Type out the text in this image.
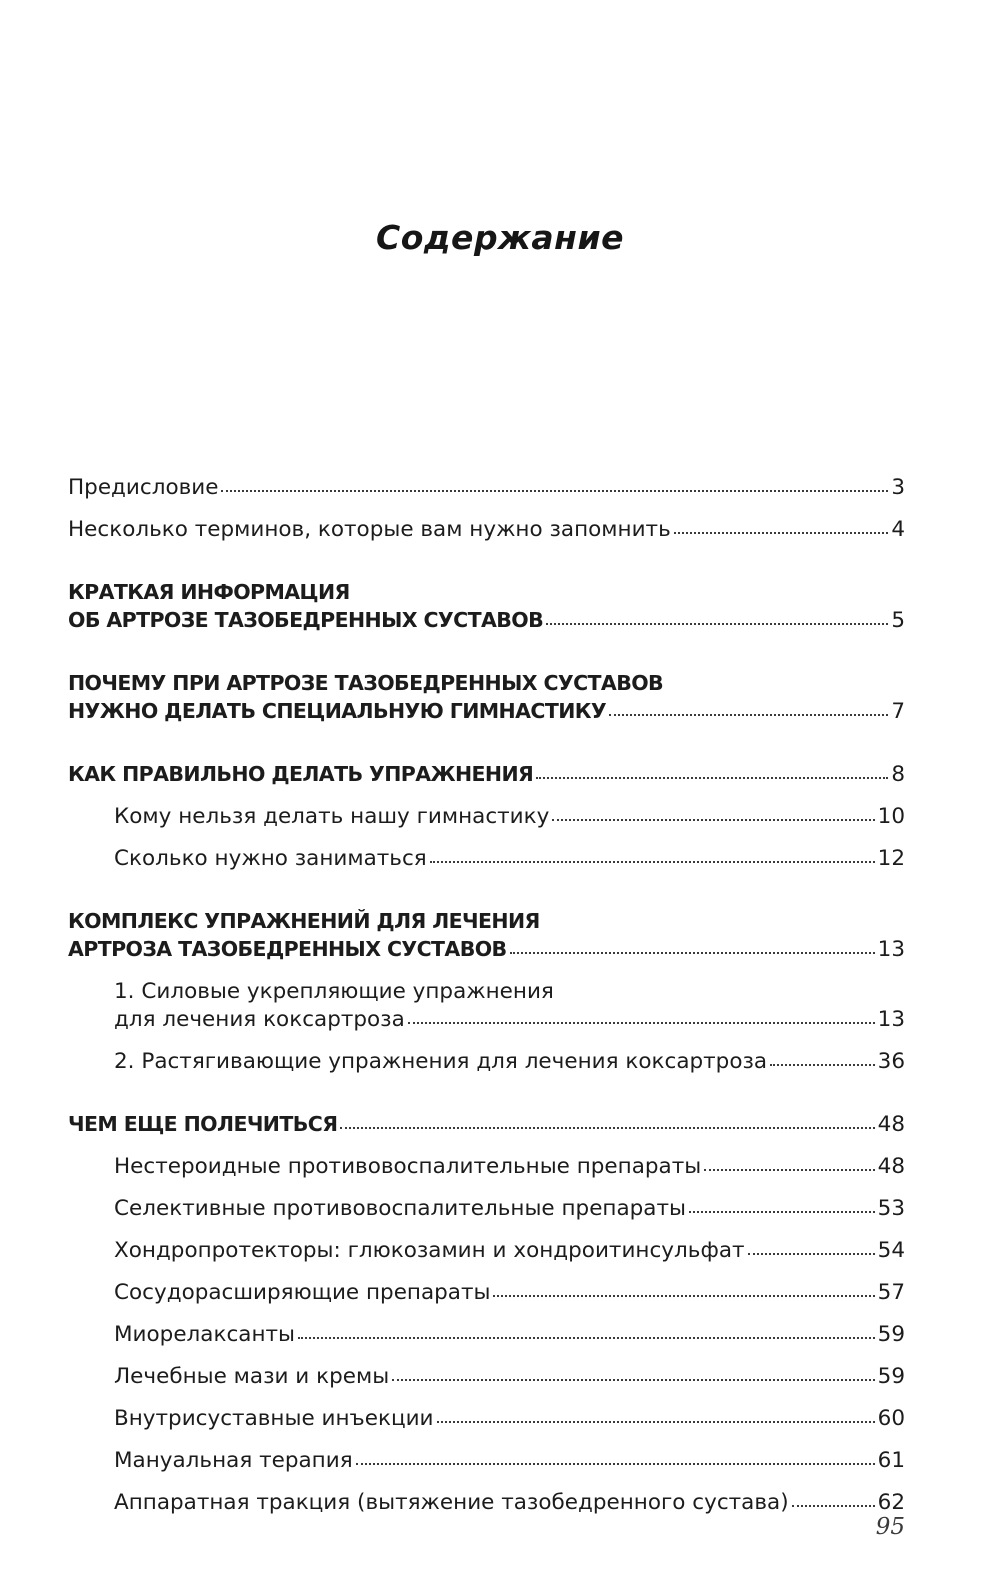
Содержание
Предисловие	3
Несколько терминов, которые вам нужно запомнить	4
КРАТКАЯ ИНФОРМАЦИЯ
ОБ АРТРОЗЕ ТАЗОБЕДРЕННЫХ СУСТАВОВ	5
ПОЧЕМУ ПРИ АРТРОЗЕ ТАЗОБЕДРЕННЫХ СУСТАВОВ
НУЖНО ДЕЛАТЬ СПЕЦИАЛЬНУЮ ГИМНАСТИКУ	7
КАК ПРАВИЛЬНО ДЕЛАТЬ УПРАЖНЕНИЯ	8
Кому нельзя делать нашу гимнастику	10
Сколько нужно заниматься	12
КОМПЛЕКС УПРАЖНЕНИЙ ДЛЯ ЛЕЧЕНИЯ
АРТРОЗА ТАЗОБЕДРЕННЫХ СУСТАВОВ	13
1. Силовые укрепляющие упражнения
для лечения коксартроза	13
2. Растягивающие упражнения для лечения коксартроза	36
ЧЕМ ЕЩЕ ПОЛЕЧИТЬСЯ	48
Нестероидные противовоспалительные препараты	48
Селективные противовоспалительные препараты	53
Хондропротекторы: глюкозамин и хондроитинсульфат	54
Сосудорасширяющие препараты	57
Миорелаксанты	59
Лечебные мази и кремы	59
Внутрисуставные инъекции	60
Мануальная терапия	61
Аппаратная тракция (вытяжение тазобедренного сустава)	62
95
